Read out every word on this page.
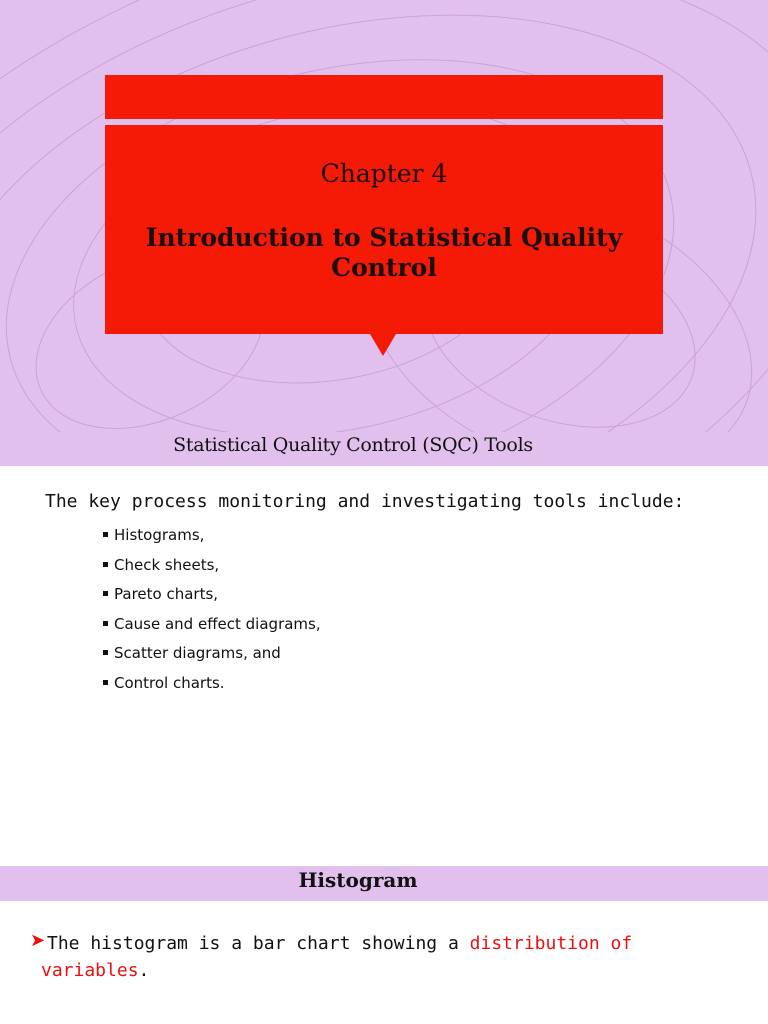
Chapter 4
Introduction to Statistical Quality Control
Statistical Quality Control (SQC) Tools
The key process monitoring and investigating tools include:
Histograms,
Check sheets,
Pareto charts,
Cause and effect diagrams,
Scatter diagrams, and
Control charts.
Histogram
➤ The histogram is a bar chart showing a distribution of
variables.
